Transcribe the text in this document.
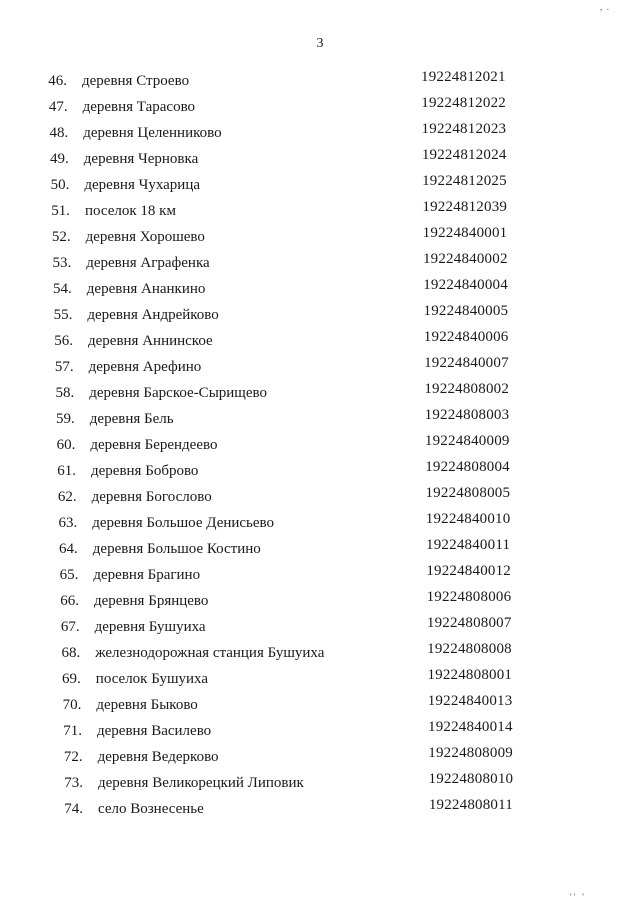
3
46. деревня Строево	19224812021
47. деревня Тарасово	19224812022
48. деревня Целенниково	19224812023
49. деревня Черновка	19224812024
50. деревня Чухарица	19224812025
51. поселок 18 км	19224812039
52. деревня Хорошево	19224840001
53. деревня Аграфенка	19224840002
54. деревня Ананкино	19224840004
55. деревня Андрейково	19224840005
56. деревня Аннинское	19224840006
57. деревня Арефино	19224840007
58. деревня Барское-Сырищево	19224808002
59. деревня Бель	19224808003
60. деревня Берендеево	19224840009
61. деревня Боброво	19224808004
62. деревня Богослово	19224808005
63. деревня Большое Денисьево	19224840010
64. деревня Большое Костино	19224840011
65. деревня Брагино	19224840012
66. деревня Брянцево	19224808006
67. деревня Бушуиха	19224808007
68. железнодорожная станция Бушуиха	19224808008
69. поселок Бушуиха	19224808001
70. деревня Быково	19224840013
71. деревня Василево	19224840014
72. деревня Ведерково	19224808009
73. деревня Великорецкий Липовик	19224808010
74. село Вознесенье	19224808011
,  .
' '   '
